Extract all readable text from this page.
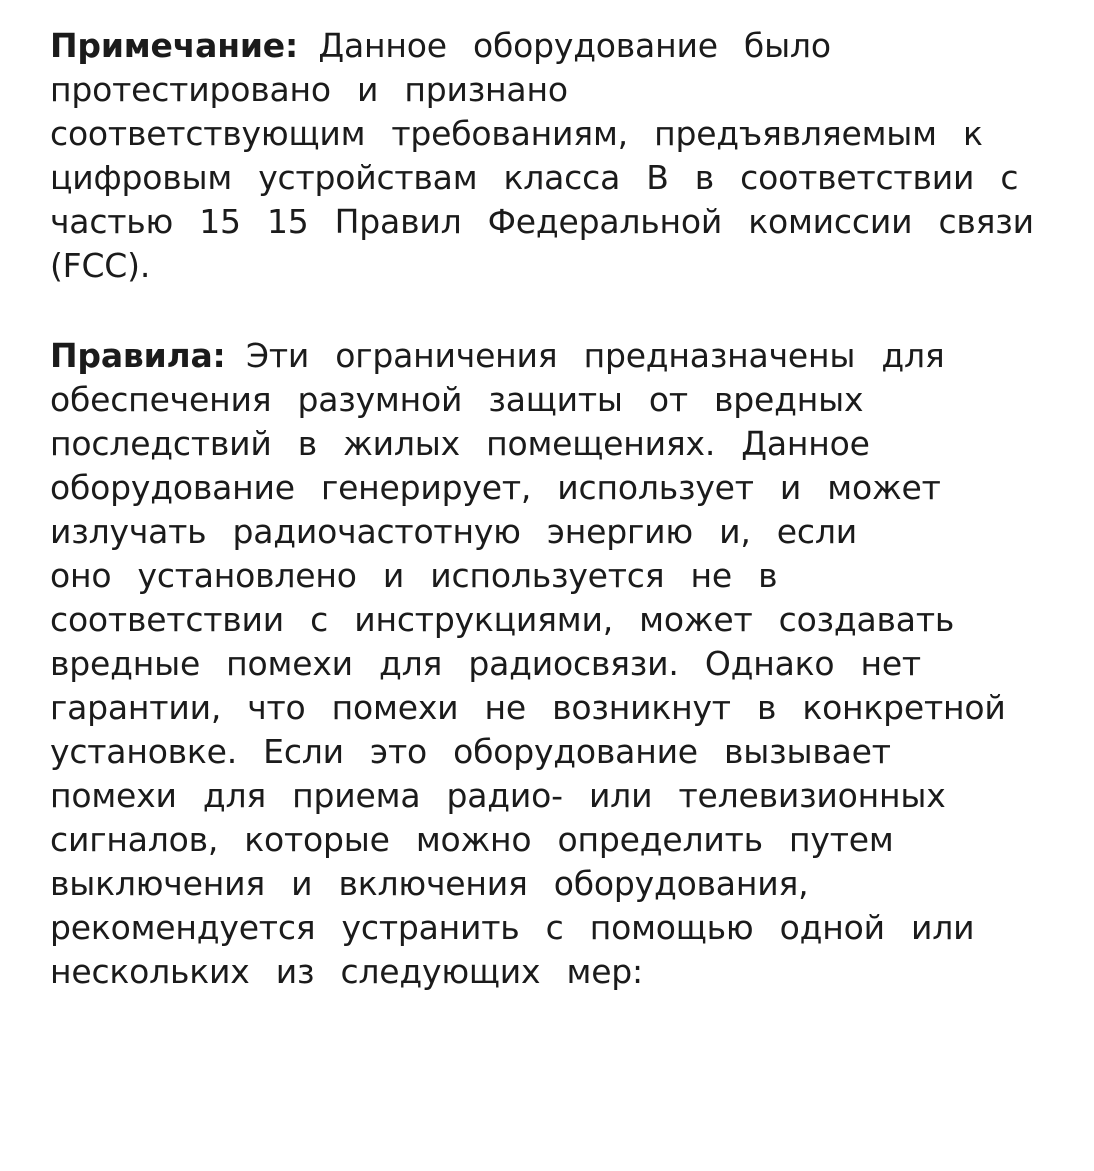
Примечание: Данное оборудование было
протестировано и признано
соответствующим требованиям, предъявляемым к
цифровым устройствам класса B в соответствии с
частью 15 15 Правил Федеральной комиссии связи
(FCC).
Правила: Эти ограничения предназначены для
обеспечения разумной защиты от вредных
последствий в жилых помещениях. Данное
оборудование генерирует, использует и может
излучать радиочастотную энергию и, если
оно установлено и используется не в
соответствии с инструкциями, может создавать
вредные помехи для радиосвязи. Однако нет
гарантии, что помехи не возникнут в конкретной
установке. Если это оборудование вызывает
помехи для приема радио- или телевизионных
сигналов, которые можно определить путем
выключения и включения оборудования,
рекомендуется устранить с помощью одной или
нескольких из следующих мер:
